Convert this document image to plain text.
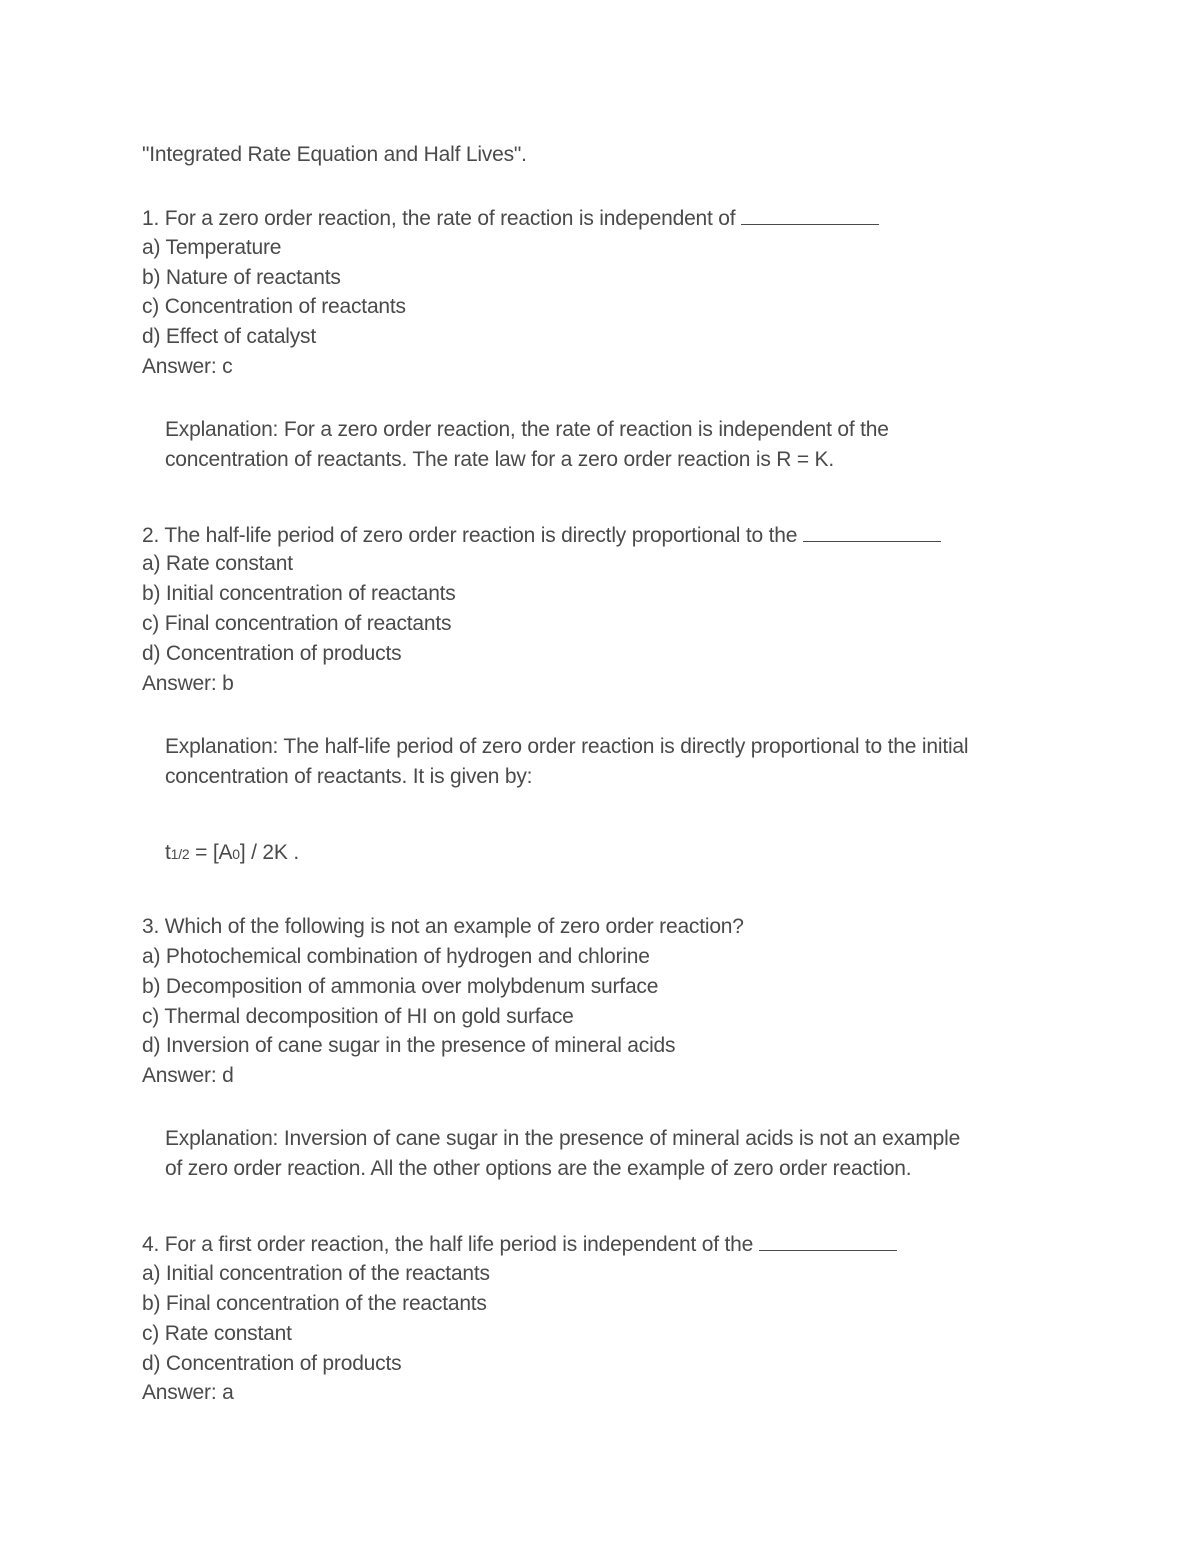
"Integrated Rate Equation and Half Lives".
1. For a zero order reaction, the rate of reaction is independent of
a) Temperature
b) Nature of reactants
c) Concentration of reactants
d) Effect of catalyst
Answer: c
Explanation: For a zero order reaction, the rate of reaction is independent of the
concentration of reactants. The rate law for a zero order reaction is R = K.
2. The half-life period of zero order reaction is directly proportional to the
a) Rate constant
b) Initial concentration of reactants
c) Final concentration of reactants
d) Concentration of products
Answer: b
Explanation: The half-life period of zero order reaction is directly proportional to the initial
concentration of reactants. It is given by:
t1/2 = [A0] / 2K .
3. Which of the following is not an example of zero order reaction?
a) Photochemical combination of hydrogen and chlorine
b) Decomposition of ammonia over molybdenum surface
c) Thermal decomposition of HI on gold surface
d) Inversion of cane sugar in the presence of mineral acids
Answer: d
Explanation: Inversion of cane sugar in the presence of mineral acids is not an example
of zero order reaction. All the other options are the example of zero order reaction.
4. For a first order reaction, the half life period is independent of the
a) Initial concentration of the reactants
b) Final concentration of the reactants
c) Rate constant
d) Concentration of products
Answer: a
